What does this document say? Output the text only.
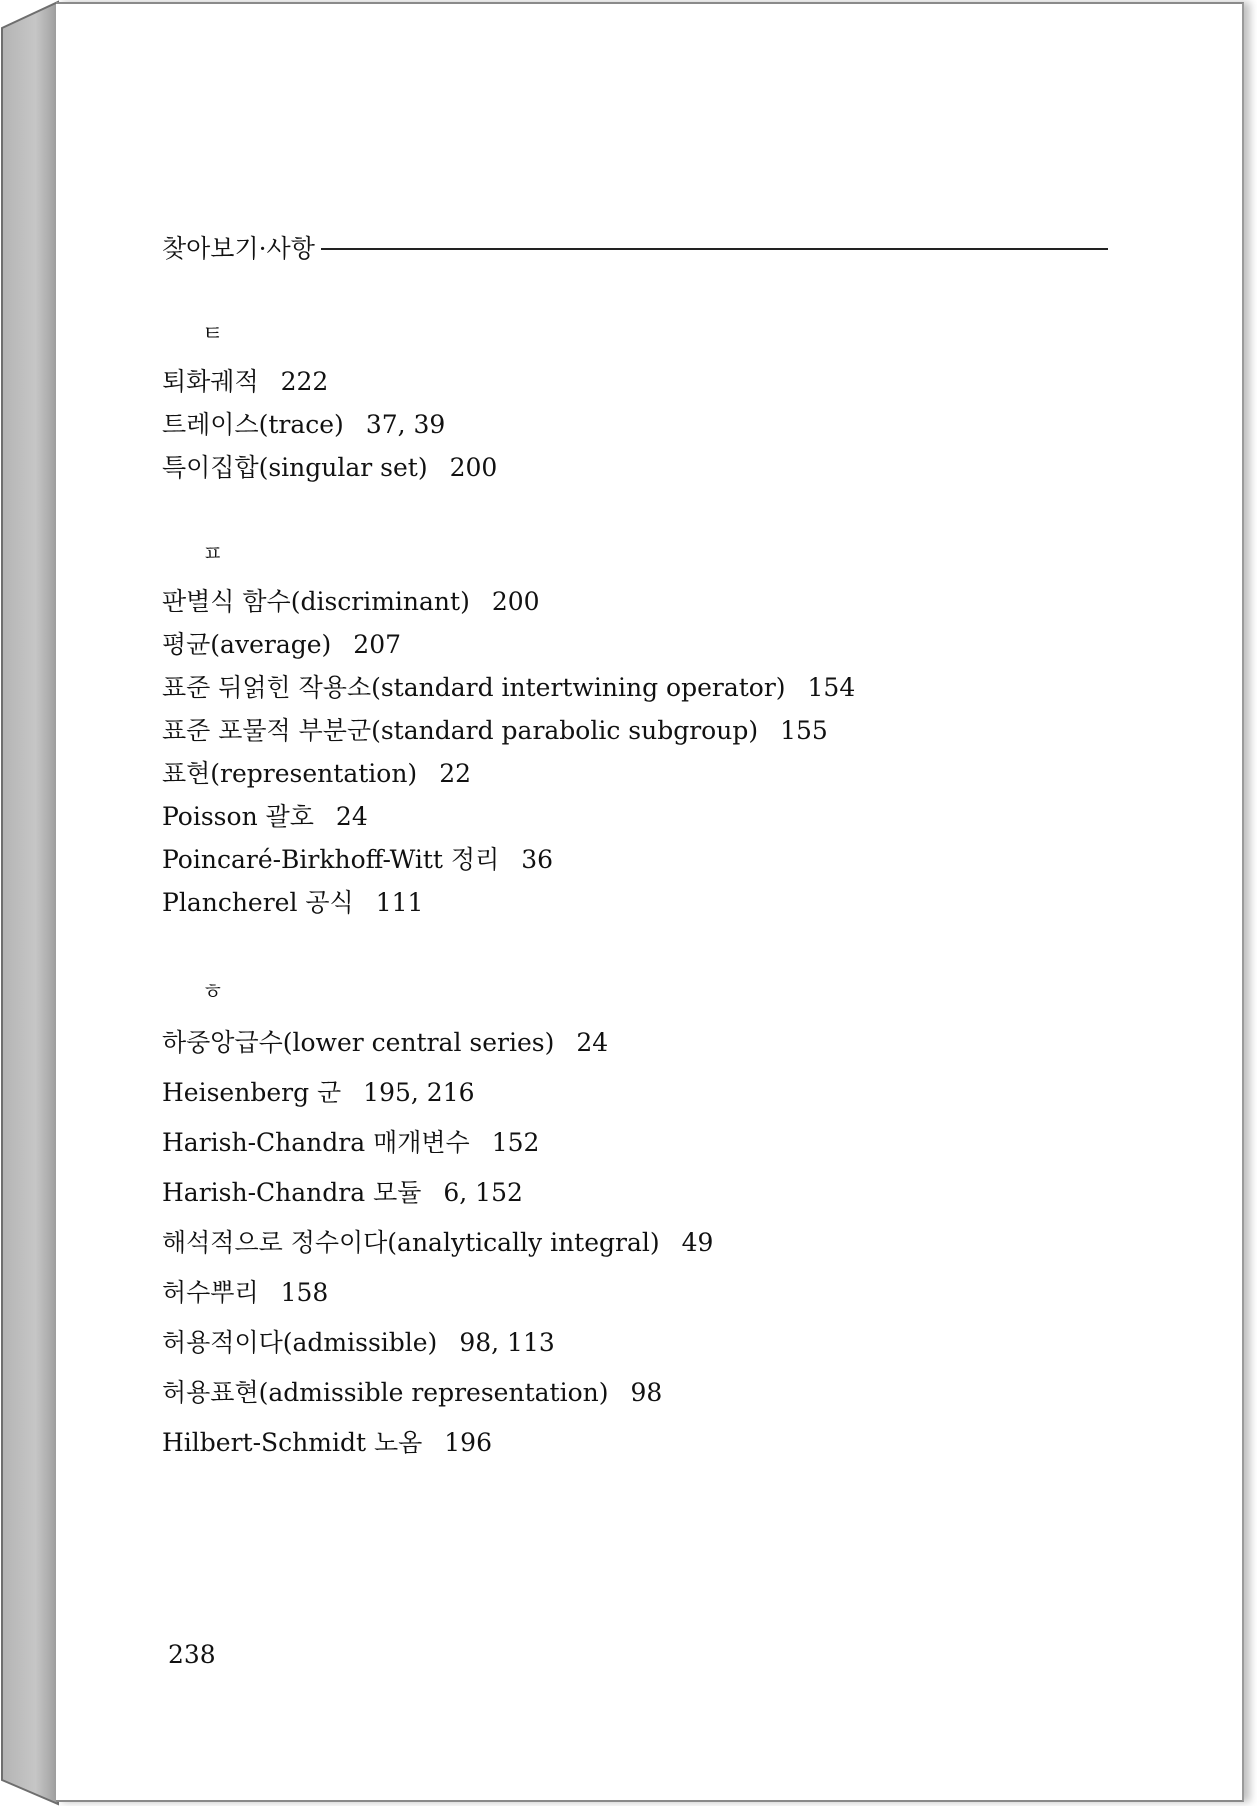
찾아보기·사항
ㅌ
퇴화궤적 222
트레이스(trace) 37, 39
특이집합(singular set) 200
ㅍ
판별식 함수(discriminant) 200
평균(average) 207
표준 뒤얽힌 작용소(standard intertwining operator) 154
표준 포물적 부분군(standard parabolic subgroup) 155
표현(representation) 22
Poisson 괄호 24
Poincaré-Birkhoff-Witt 정리 36
Plancherel 공식 111
ㅎ
하중앙급수(lower central series) 24
Heisenberg 군 195, 216
Harish-Chandra 매개변수 152
Harish-Chandra 모듈 6, 152
해석적으로 정수이다(analytically integral) 49
허수뿌리 158
허용적이다(admissible) 98, 113
허용표현(admissible representation) 98
Hilbert-Schmidt 노옴 196
238
